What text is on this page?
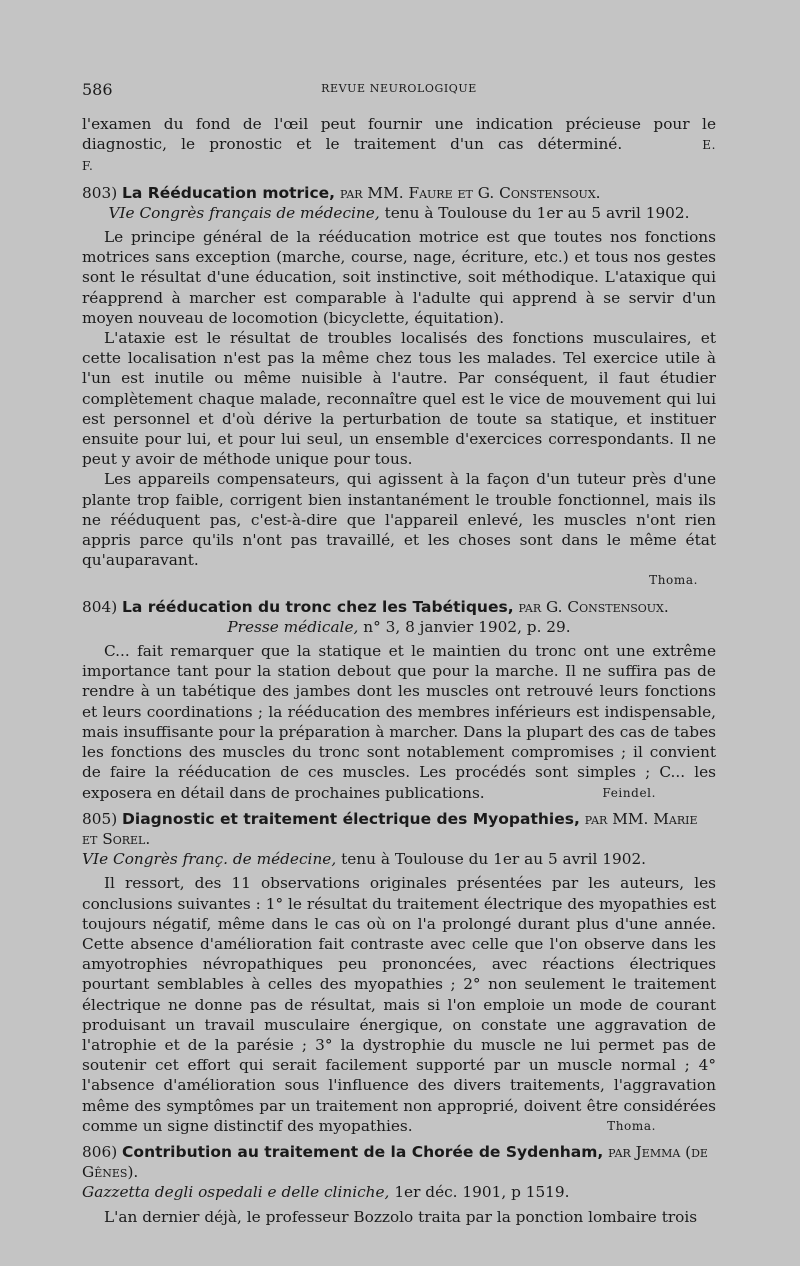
586	REVUE NEUROLOGIQUE

l'examen du fond de l'œil peut fournir une indication précieuse pour le diagnostic, le pronostic et le traitement d'un cas déterminé.	E. F.

803) La Rééducation motrice, par MM. Faure et G. Constensoux.
VIe Congrès français de médecine, tenu à Toulouse du 1er au 5 avril 1902.

Le principe général de la rééducation motrice est que toutes nos fonctions motrices sans exception (marche, course, nage, écriture, etc.) et tous nos gestes sont le résultat d'une éducation, soit instinctive, soit méthodique. L'ataxique qui réapprend à marcher est comparable à l'adulte qui apprend à se servir d'un moyen nouveau de locomotion (bicyclette, équitation).

L'ataxie est le résultat de troubles localisés des fonctions musculaires, et cette localisation n'est pas la même chez tous les malades. Tel exercice utile à l'un est inutile ou même nuisible à l'autre. Par conséquent, il faut étudier complètement chaque malade, reconnaître quel est le vice de mouvement qui lui est personnel et d'où dérive la perturbation de toute sa statique, et instituer ensuite pour lui, et pour lui seul, un ensemble d'exercices correspondants. Il ne peut y avoir de méthode unique pour tous.

Les appareils compensateurs, qui agissent à la façon d'un tuteur près d'une plante trop faible, corrigent bien instantanément le trouble fonctionnel, mais ils ne rééduquent pas, c'est-à-dire que l'appareil enlevé, les muscles n'ont rien appris parce qu'ils n'ont pas travaillé, et les choses sont dans le même état qu'auparavant.

Thoma.
804) La rééducation du tronc chez les Tabétiques, par G. Constensoux.
Presse médicale, n° 3, 8 janvier 1902, p. 29.

C... fait remarquer que la statique et le maintien du tronc ont une extrême importance tant pour la station debout que pour la marche. Il ne suffira pas de rendre à un tabétique des jambes dont les muscles ont retrouvé leurs fonctions et leurs coordinations ; la rééducation des membres inférieurs est indispensable, mais insuffisante pour la préparation à marcher. Dans la plupart des cas de tabes les fonctions des muscles du tronc sont notablement compromises ; il convient de faire la rééducation de ces muscles. Les procédés sont simples ; C... les exposera en détail dans de prochaines publications.	Feindel.

805) Diagnostic et traitement électrique des Myopathies, par MM. Marie et Sorel.
VIe Congrès franç. de médecine, tenu à Toulouse du 1er au 5 avril 1902.

Il ressort, des 11 observations originales présentées par les auteurs, les conclusions suivantes : 1° le résultat du traitement électrique des myopathies est toujours négatif, même dans le cas où on l'a prolongé durant plus d'une année. Cette absence d'amélioration fait contraste avec celle que l'on observe dans les amyotrophies névropathiques peu prononcées, avec réactions électriques pourtant semblables à celles des myopathies ; 2° non seulement le traitement électrique ne donne pas de résultat, mais si l'on emploie un mode de courant produisant un travail musculaire énergique, on constate une aggravation de l'atrophie et de la parésie ; 3° la dystrophie du muscle ne lui permet pas de soutenir cet effort qui serait facilement supporté par un muscle normal ; 4° l'absence d'amélioration sous l'influence des divers traitements, l'aggravation même des symptômes par un traitement non approprié, doivent être considérées comme un signe distinctif des myopathies.	Thoma.

806) Contribution au traitement de la Chorée de Sydenham, par Jemma (de Gênes).
Gazzetta degli ospedali e delle cliniche, 1er déc. 1901, p 1519.

L'an dernier déjà, le professeur Bozzolo traita par la ponction lombaire trois
